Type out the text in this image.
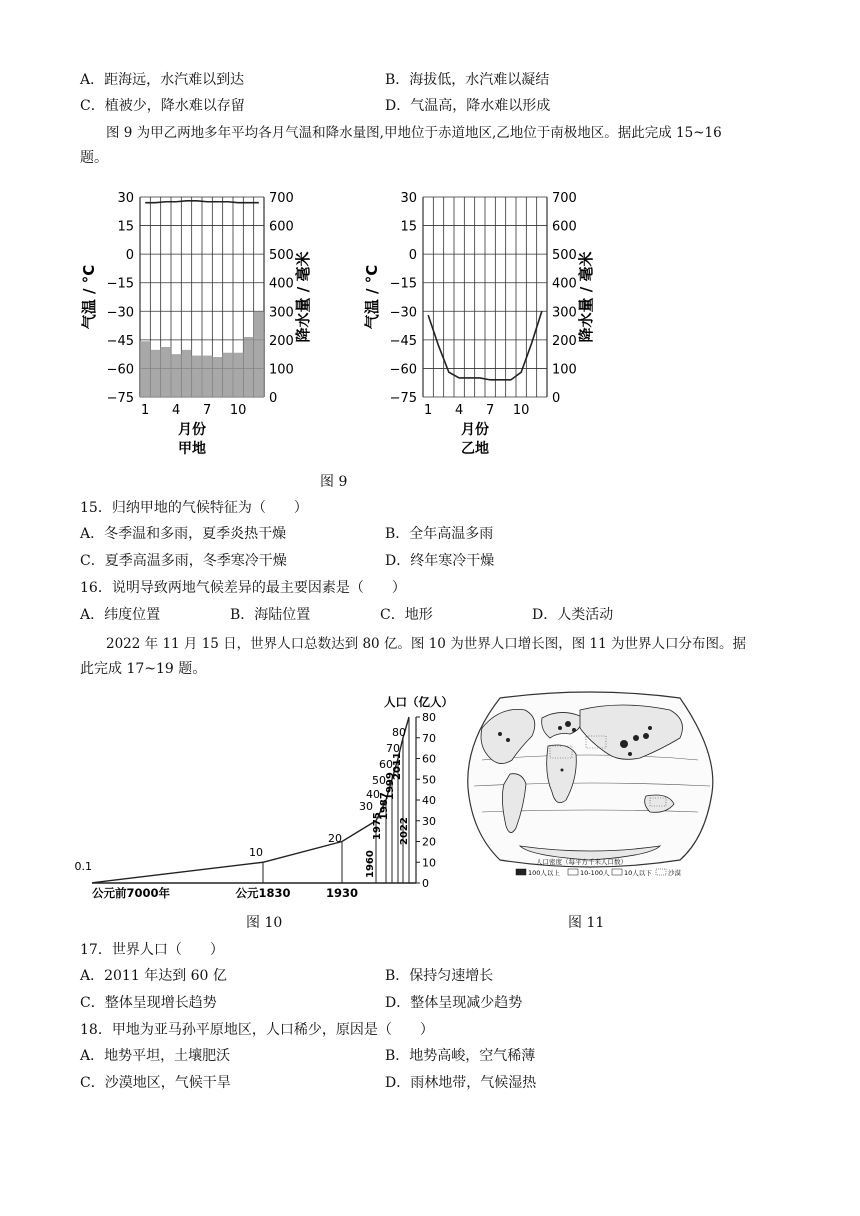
A．距海远，水汽难以到达	B．海拔低，水汽难以凝结
C．植被少，降水难以存留	D．气温高，降水难以形成
图 9 为甲乙两地多年平均各月气温和降水量图,甲地位于赤道地区,乙地位于南极地区。据此完成 15~16
题。
30	700
15	600
0	500
−15	400
−30	300
−45	200
−60	100
−75	0
1 4 7 10
月份
甲地
气温 / °C	降水量 / 毫米
30	700
15	600
0	500
−15	400
−30	300
−45	200
−60	100
−75	0
1 4 7 10
月份
乙地
气温 / °C	降水量 / 毫米
图 9
15．归纳甲地的气候特征为（　　）
A．冬季温和多雨，夏季炎热干燥	B．全年高温多雨
C．夏季高温多雨，冬季寒冷干燥	D．终年寒冷干燥
16．说明导致两地气候差异的最主要因素是（　　）
A．纬度位置	B．海陆位置	C．地形	D．人类活动
2022 年 11 月 15 日，世界人口总数达到 80 亿。图 10 为世界人口增长图，图 11 为世界人口分布图。据
此完成 17~19 题。
0
10
20
30
40
50
60
70
80
人口（亿人）
0.1
10
20
30
40
50
60
70
80
公元前7000年	公元1830	1930
1960
1975
1987
1999
2011
2022
图 10
人口密度（每平方千米人口数）
100人以上	10-100人 10人以下 沙漠
图 11
17．世界人口（　　）
A．2011 年达到 60 亿	B．保持匀速增长
C．整体呈现增长趋势	D．整体呈现减少趋势
18．甲地为亚马孙平原地区，人口稀少，原因是（　　）
A．地势平坦，土壤肥沃	B．地势高峻，空气稀薄
C．沙漠地区，气候干旱	D．雨林地带，气候湿热
